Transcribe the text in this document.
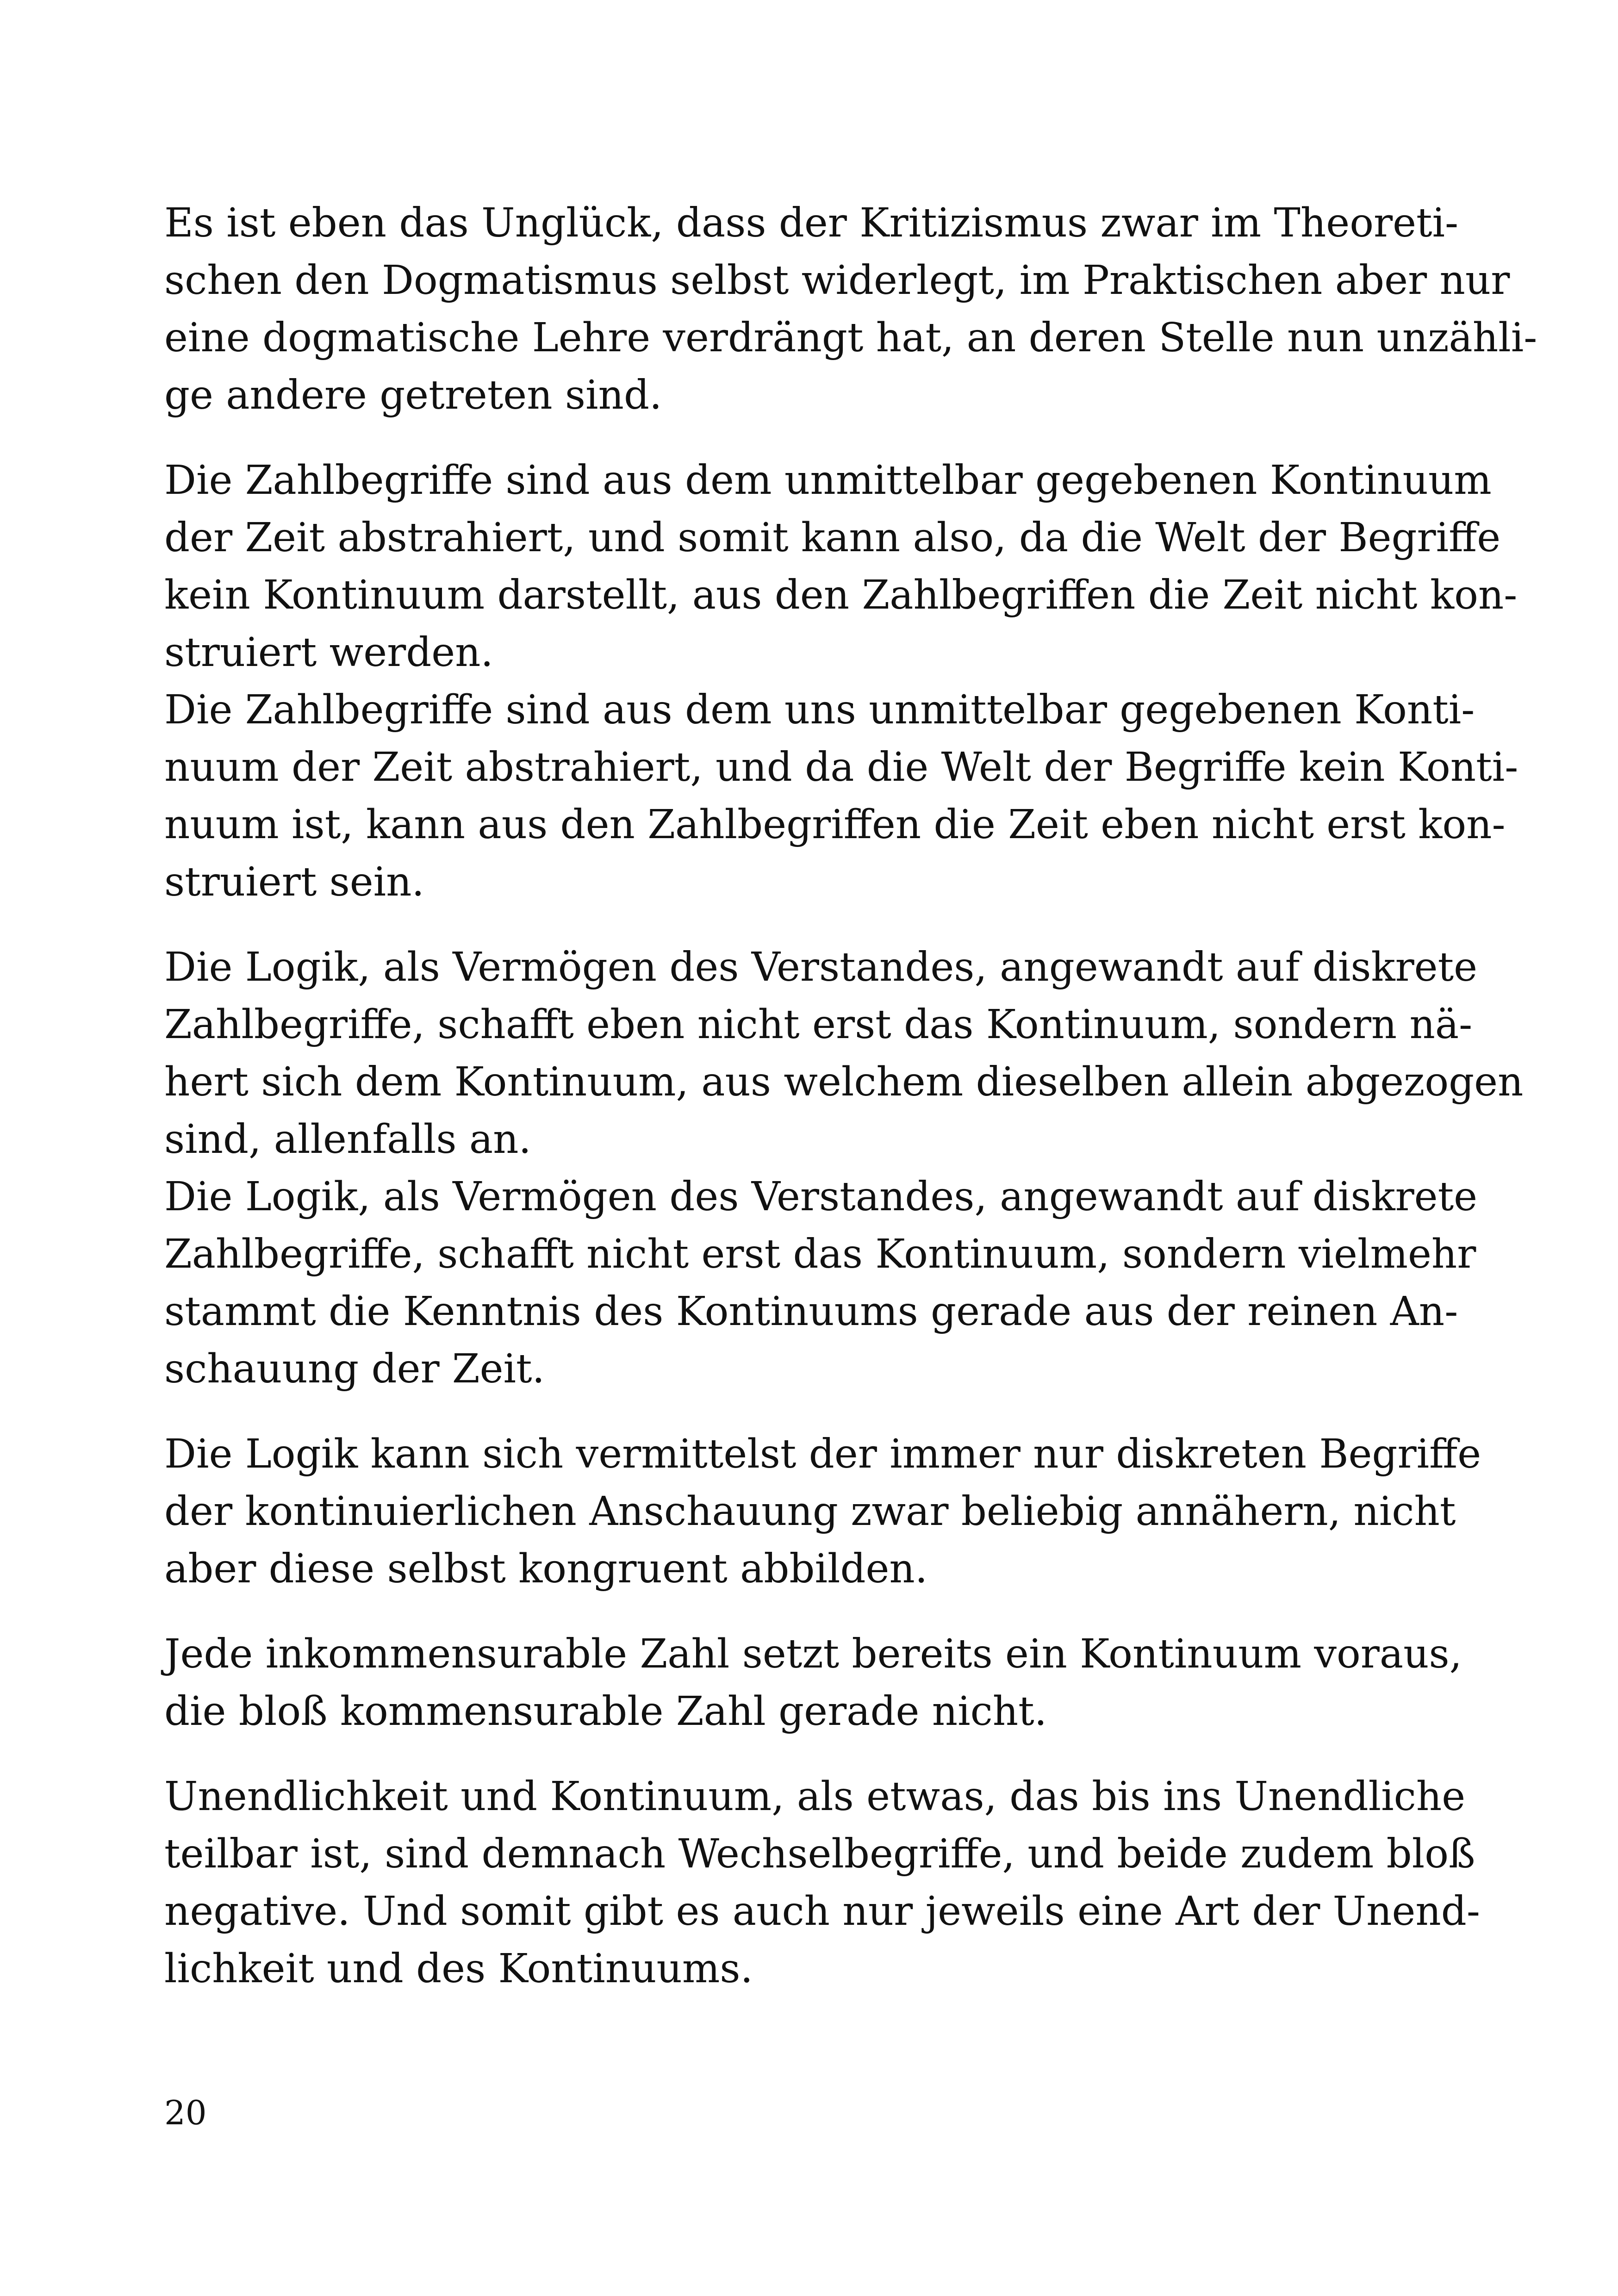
Es ist eben das Unglück, dass der Kritizismus zwar im Theoreti-
schen den Dogmatismus selbst widerlegt, im Praktischen aber nur
eine dogmatische Lehre verdrängt hat, an deren Stelle nun unzähli-
ge andere getreten sind.
Die Zahlbegriffe sind aus dem unmittelbar gegebenen Kontinuum
der Zeit abstrahiert, und somit kann also, da die Welt der Begriffe
kein Kontinuum darstellt, aus den Zahlbegriffen die Zeit nicht kon-
struiert werden.
Die Zahlbegriffe sind aus dem uns unmittelbar gegebenen Konti-
nuum der Zeit abstrahiert, und da die Welt der Begriffe kein Konti-
nuum ist, kann aus den Zahlbegriffen die Zeit eben nicht erst kon-
struiert sein.
Die Logik, als Vermögen des Verstandes, angewandt auf diskrete
Zahlbegriffe, schafft eben nicht erst das Kontinuum, sondern nä-
hert sich dem Kontinuum, aus welchem dieselben allein abgezogen
sind, allenfalls an.
Die Logik, als Vermögen des Verstandes, angewandt auf diskrete
Zahlbegriffe, schafft nicht erst das Kontinuum, sondern vielmehr
stammt die Kenntnis des Kontinuums gerade aus der reinen An-
schauung der Zeit.
Die Logik kann sich vermittelst der immer nur diskreten Begriffe
der kontinuierlichen Anschauung zwar beliebig annähern, nicht
aber diese selbst kongruent abbilden.
Jede inkommensurable Zahl setzt bereits ein Kontinuum voraus,
die bloß kommensurable Zahl gerade nicht.
Unendlichkeit und Kontinuum, als etwas, das bis ins Unendliche
teilbar ist, sind demnach Wechselbegriffe, und beide zudem bloß
negative. Und somit gibt es auch nur jeweils eine Art der Unend-
lichkeit und des Kontinuums.
20
